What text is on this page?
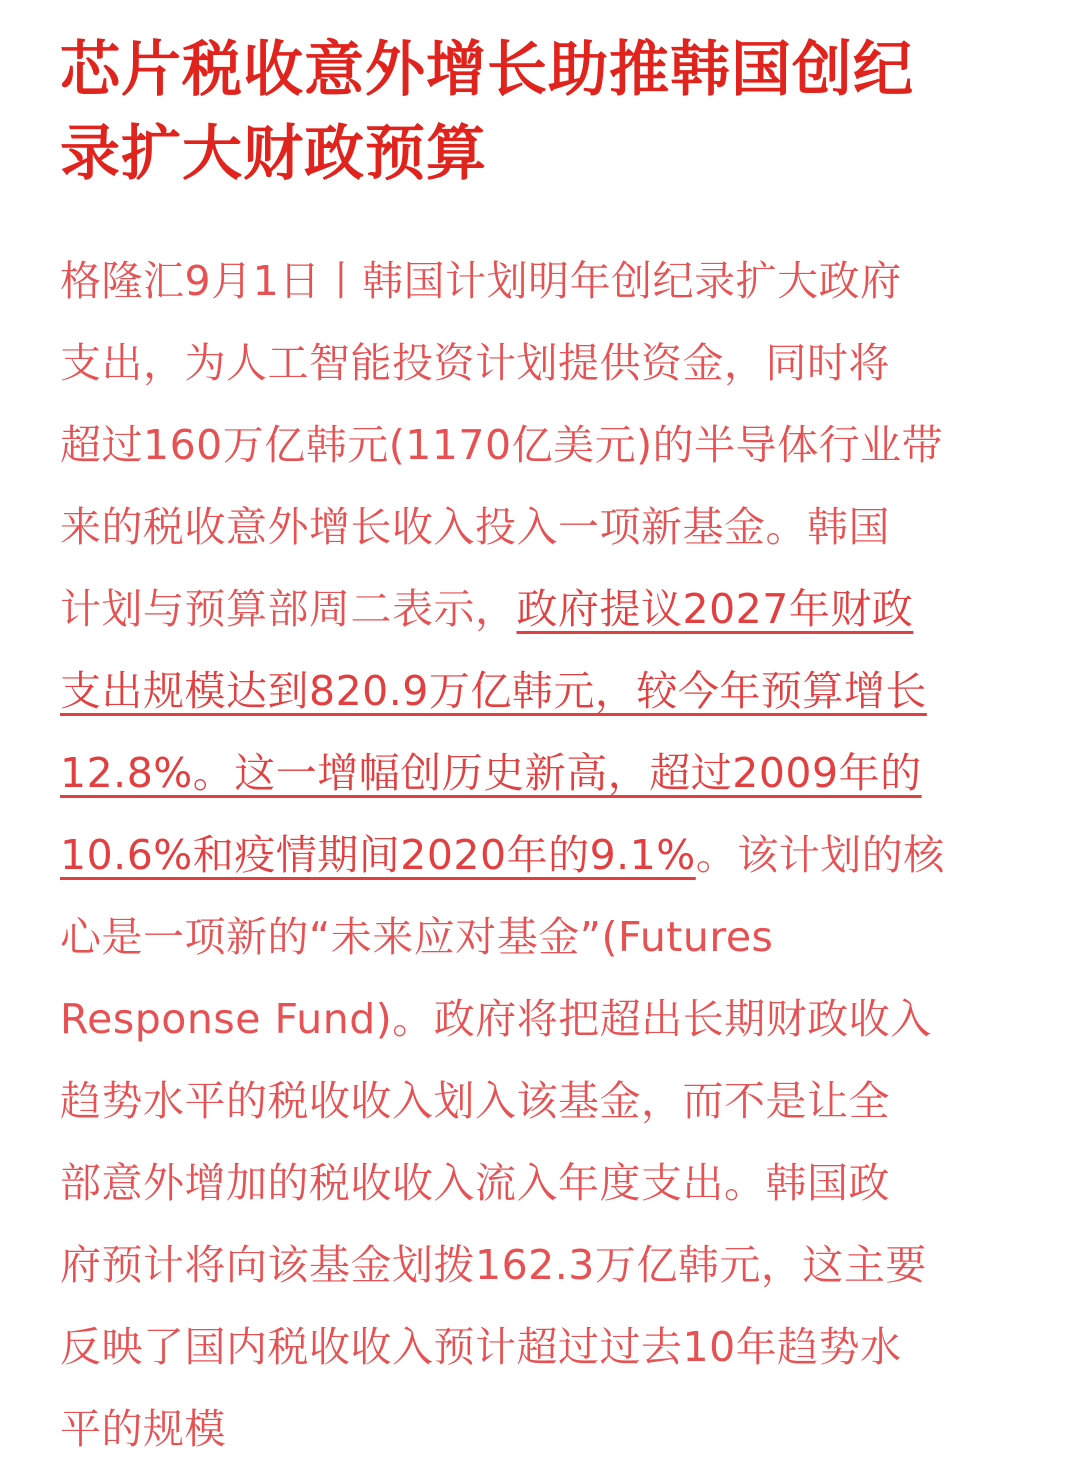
芯片税收意外增长助推韩国创纪
录扩大财政预算
格隆汇9月1日丨韩国计划明年创纪录扩大政府
支出，为人工智能投资计划提供资金，同时将
超过160万亿韩元(1170亿美元)的半导体行业带
来的税收意外增长收入投入一项新基金。韩国
计划与预算部周二表示，政府提议2027年财政
支出规模达到820.9万亿韩元，较今年预算增长
12.8%。这一增幅创历史新高，超过2009年的
10.6%和疫情期间2020年的9.1%。该计划的核
心是一项新的“未来应对基金”(Futures
Response Fund)。政府将把超出长期财政收入
趋势水平的税收收入划入该基金，而不是让全
部意外增加的税收收入流入年度支出。韩国政
府预计将向该基金划拨162.3万亿韩元，这主要
反映了国内税收收入预计超过过去10年趋势水
平的规模
